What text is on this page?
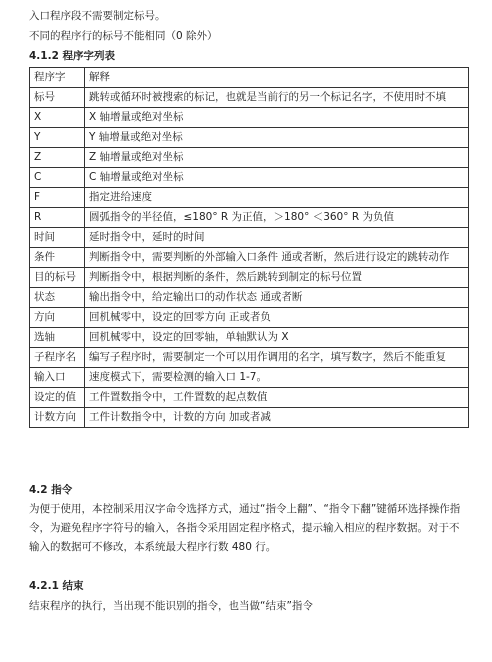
入口程序段不需要制定标号。
不同的程序行的标号不能相同（0 除外）
4.1.2 程序字列表
程序字	解释
标号	跳转或循环时被搜索的标记，也就是当前行的另一个标记名字，不使用时不填
X	X 轴增量或绝对坐标
Y	Y 轴增量或绝对坐标
Z	Z 轴增量或绝对坐标
C	C 轴增量或绝对坐标
F	指定进给速度
R	圆弧指令的半径值，≤180° R 为正值，＞180° ＜360° R 为负值
时间	延时指令中，延时的时间
条件	判断指令中，需要判断的外部输入口条件 通或者断，然后进行设定的跳转动作
目的标号	判断指令中，根据判断的条件，然后跳转到制定的标号位置
状态	输出指令中，给定输出口的动作状态 通或者断
方向	回机械零中，设定的回零方向 正或者负
选轴	回机械零中，设定的回零轴，单轴默认为 X
子程序名	编写子程序时，需要制定一个可以用作调用的名字，填写数字，然后不能重复
输入口	速度模式下，需要检测的输入口 1-7。
设定的值	工件置数指令中，工件置数的起点数值
计数方向	工件计数指令中，计数的方向 加或者减
4.2 指令
为便于使用，本控制采用汉字命令选择方式，通过“指令上翻”、“指令下翻”键循环选择操作指令，为避免程序字符号的输入，各指令采用固定程序格式，提示输入相应的程序数据。对于不输入的数据可不修改，本系统最大程序行数 480 行。
4.2.1 结束
结束程序的执行，当出现不能识别的指令，也当做“结束”指令
